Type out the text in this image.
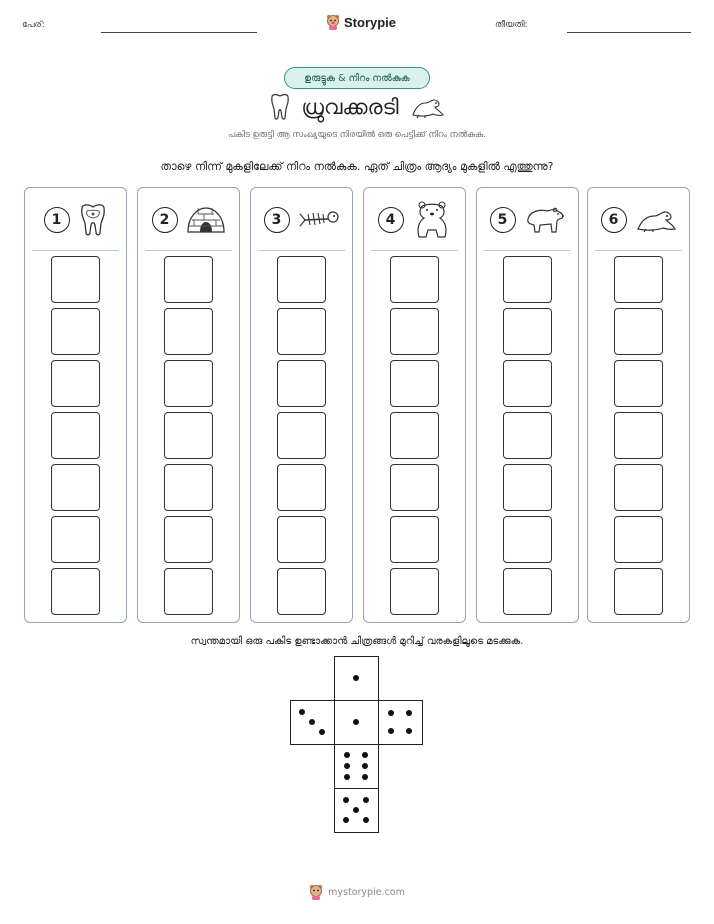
പേര്:	Storypie	തീയതി:
ഉരുട്ടുക & നിറം നൽകുക
ധ്രുവക്കരടി
പകിട ഉരുട്ടി ആ സംഖ്യയുടെ നിരയിൽ ഒരു പെട്ടിക്ക് നിറം നൽകുക.
താഴെ നിന്ന് മുകളിലേക്ക് നിറം നൽകുക. ഏത് ചിത്രം ആദ്യം മുകളിൽ എത്തുന്നു?
1	2	3	4	5	6
സ്വന്തമായി ഒരു പകിട ഉണ്ടാക്കാൻ ചിത്രങ്ങൾ മുറിച്ച് വരകളിലൂടെ മടക്കുക.
mystorypie.com
